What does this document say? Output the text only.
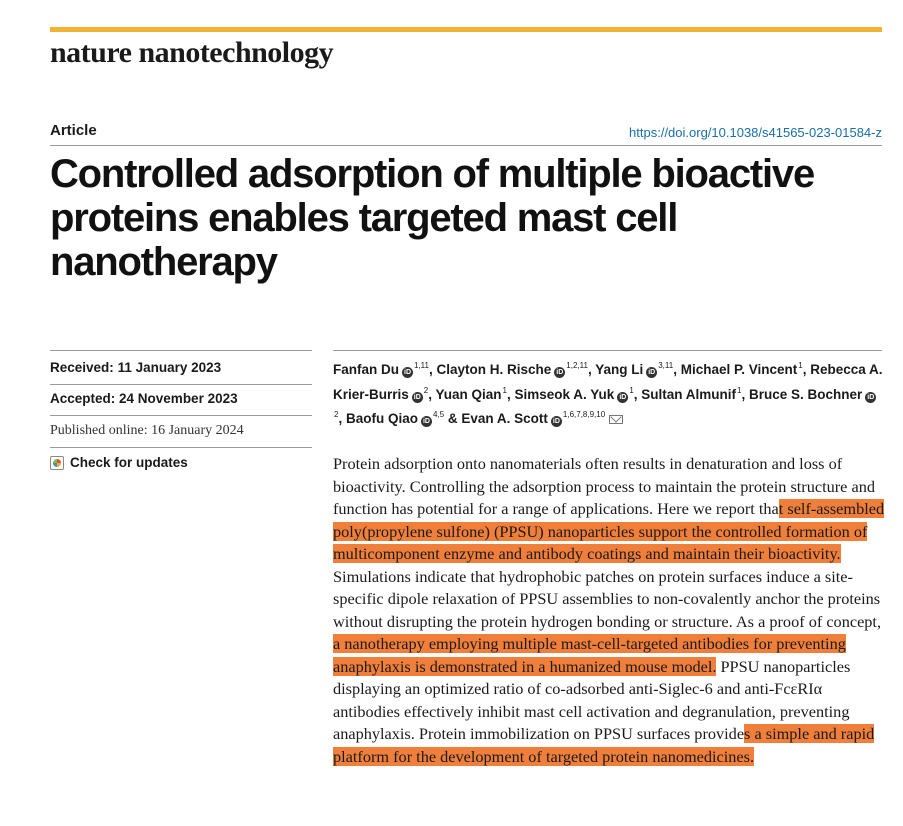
nature nanotechnology
Article	https://doi.org/10.1038/s41565-023-01584-z
Controlled adsorption of multiple bioactive proteins enables targeted mast cell nanotherapy
Received: 11 January 2023
Accepted: 24 November 2023
Published online: 16 January 2024
Check for updates
Fanfan Du iD$^{1,11}$, Clayton H. Rische iD$^{1,2,11}$, Yang Li iD$^{3,11}$, Michael P. Vincent$^1$, Rebecca A. Krier-Burris iD$^2$, Yuan Qian$^1$, Simseok A. Yuk iD$^1$, Sultan Almunif$^1$, Bruce S. Bochner iD$^2$, Baofu Qiao iD$^{4,5}$ & Evan A. Scott iD$^{1,6,7,8,9,10}$

Protein adsorption onto nanomaterials often results in denaturation and loss of bioactivity. Controlling the adsorption process to maintain the protein structure and function has potential for a range of applications. Here we report that self-assembled poly(propylene sulfone) (PPSU) nanoparticles support the controlled formation of multicomponent enzyme and antibody coatings and maintain their bioactivity. Simulations indicate that hydrophobic patches on protein surfaces induce a site-specific dipole relaxation of PPSU assemblies to non-covalently anchor the proteins without disrupting the protein hydrogen bonding or structure. As a proof of concept, a nanotherapy employing multiple mast-cell-targeted antibodies for preventing anaphylaxis is demonstrated in a humanized mouse model. PPSU nanoparticles displaying an optimized ratio of co-adsorbed anti-Siglec-6 and anti-FcεRIα antibodies effectively inhibit mast cell activation and degranulation, preventing anaphylaxis. Protein immobilization on PPSU surfaces provides a simple and rapid platform for the development of targeted protein nanomedicines.
